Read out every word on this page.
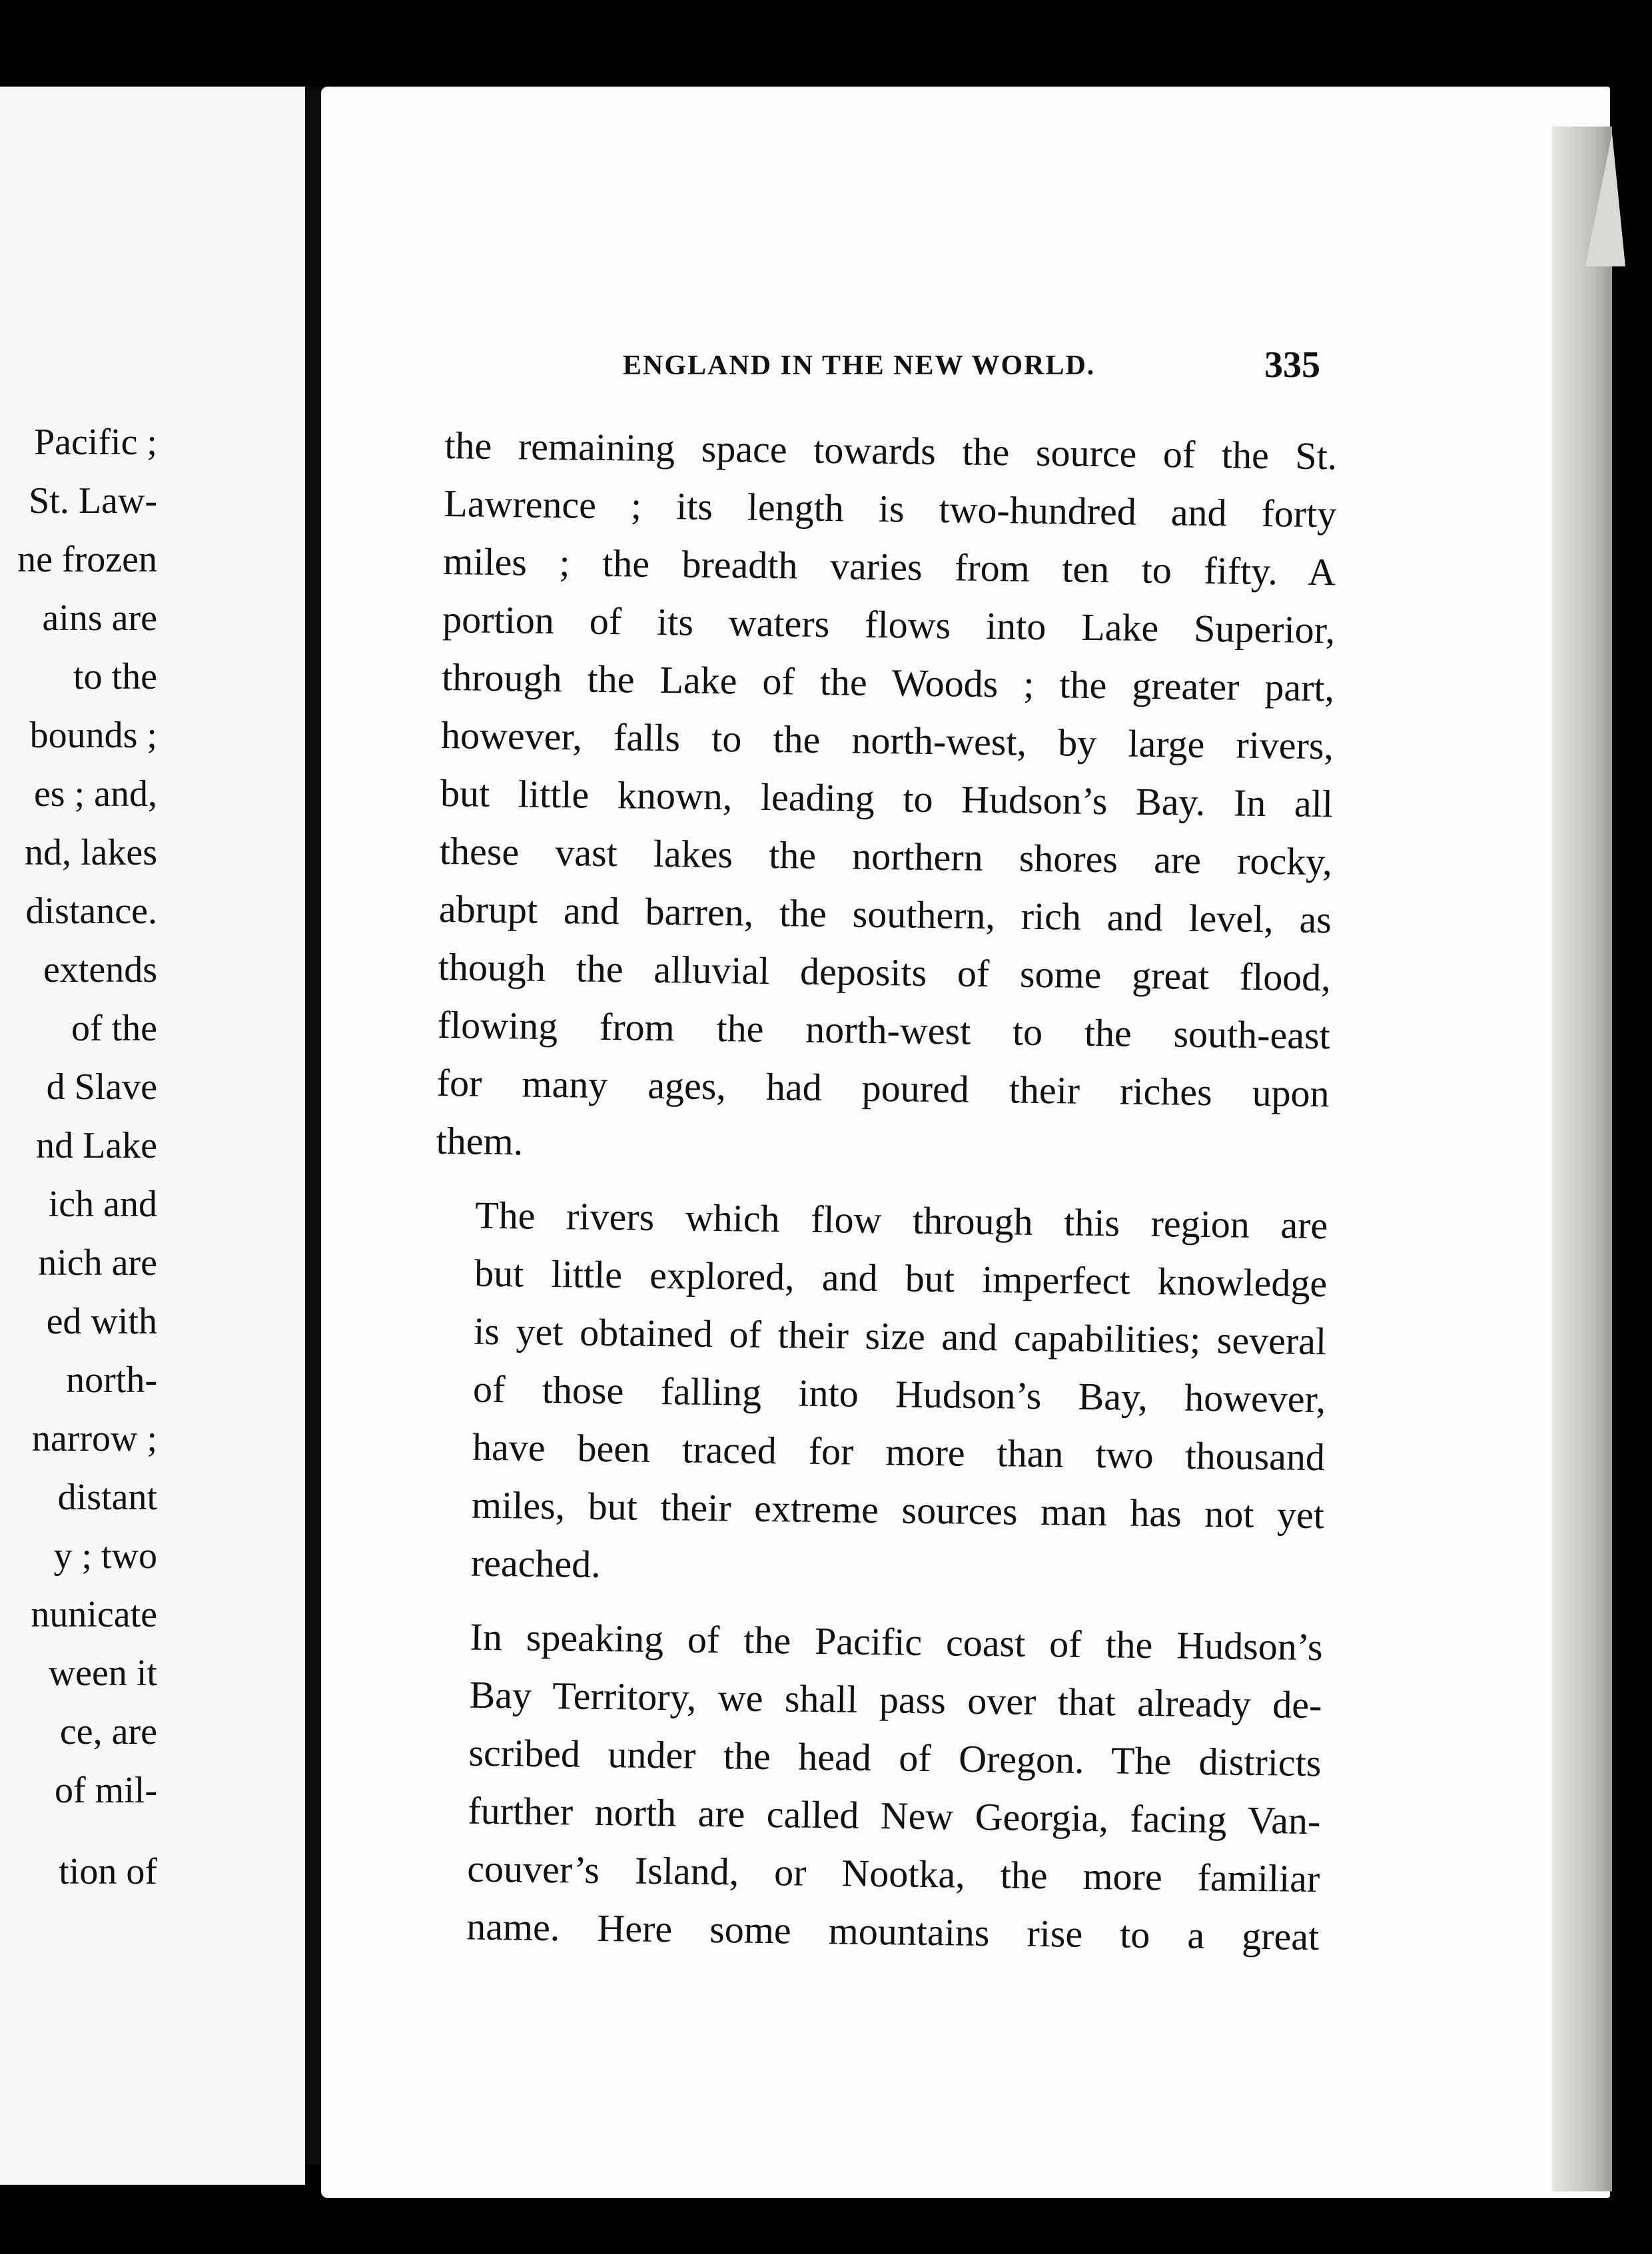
Pacific ;
St. Law-
ne frozen
ains are
to the
bounds ;
es ; and,
nd, lakes
distance.
extends
of the
d Slave
nd Lake
ich and
nich are
ed with
north-
narrow ;
distant
y ; two
nunicate
ween it
ce, are
of mil-
tion of
ENGLAND IN THE NEW WORLD.	335

the remaining space towards the source of the St.
Lawrence ; its length is two-hundred and forty
miles ; the breadth varies from ten to fifty. A
portion of its waters flows into Lake Superior,
through the Lake of the Woods ; the greater part,
however, falls to the north-west, by large rivers,
but little known, leading to Hudson’s Bay. In all
these vast lakes the northern shores are rocky,
abrupt and barren, the southern, rich and level, as
though the alluvial deposits of some great flood,
flowing from the north-west to the south-east
for many ages, had poured their riches upon
them.

The rivers which flow through this region are
but little explored, and but imperfect knowledge
is yet obtained of their size and capabilities; several
of those falling into Hudson’s Bay, however,
have been traced for more than two thousand
miles, but their extreme sources man has not yet
reached.

In speaking of the Pacific coast of the Hudson’s
Bay Territory, we shall pass over that already de-
scribed under the head of Oregon. The districts
further north are called New Georgia, facing Van-
couver’s Island, or Nootka, the more familiar
name. Here some mountains rise to a great
